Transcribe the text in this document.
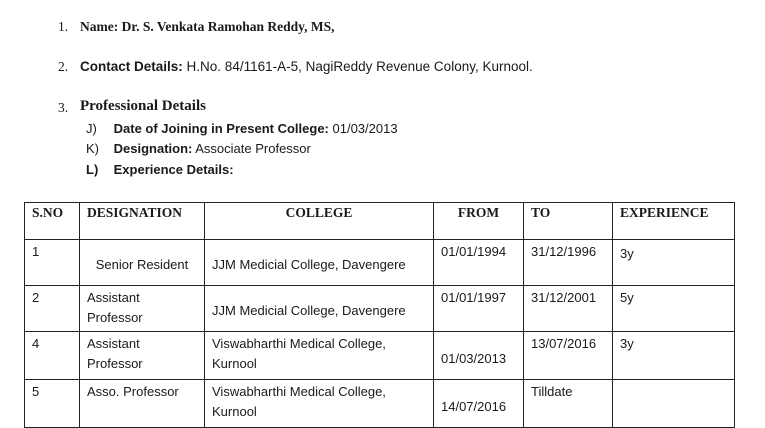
1. Name: Dr. S. Venkata Ramohan Reddy, MS,
2. Contact Details: H.No. 84/1161-A-5, NagiReddy Revenue Colony, Kurnool.
3. Professional Details
J) Date of Joining in Present College: 01/03/2013
K) Designation: Associate Professor
L) Experience Details:
S.NO	DESIGNATION	COLLEGE	FROM	TO	EXPERIENCE
1	Senior Resident	JJM Medicial College, Davengere	01/01/1994	31/12/1996	3y
2	Assistant Professor	JJM Medicial College, Davengere	01/01/1997	31/12/2001	5y
4	Assistant Professor	Viswabharthi Medical College, Kurnool	01/03/2013	13/07/2016	3y
5	Asso. Professor	Viswabharthi Medical College, Kurnool	14/07/2016	Tilldate	
